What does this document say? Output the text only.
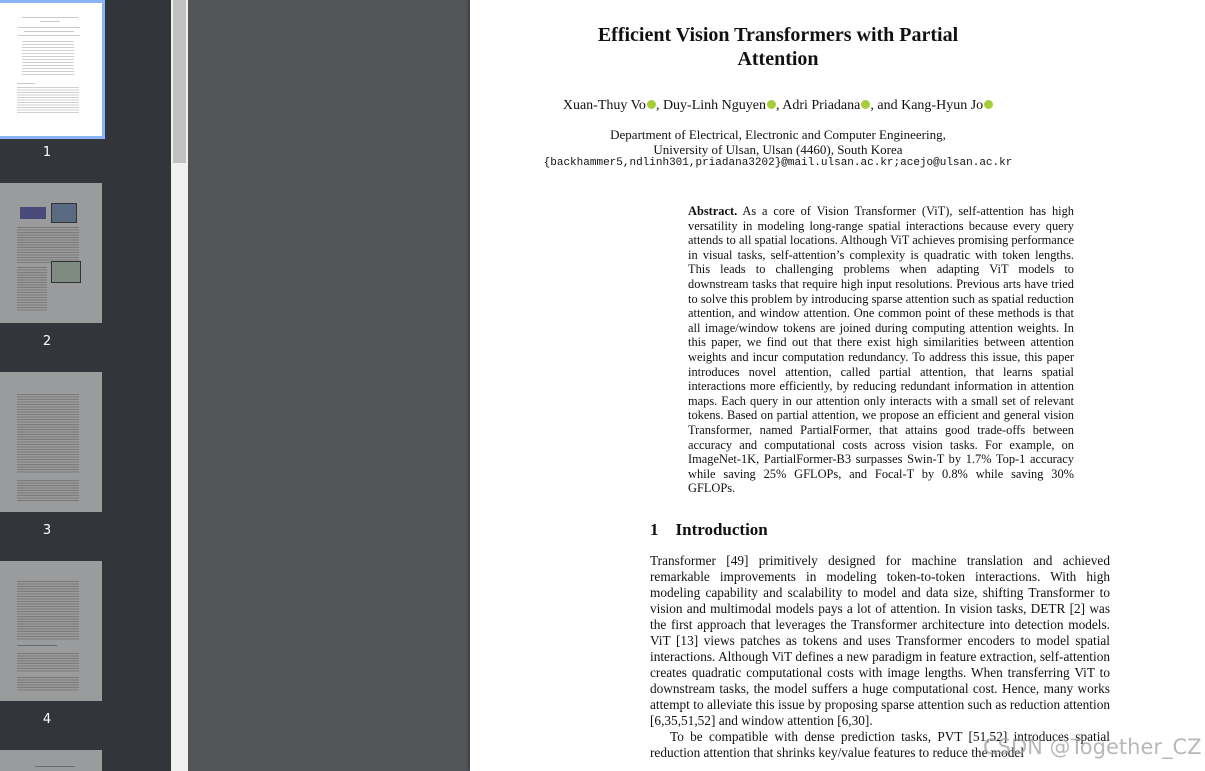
1
2
3
4
Efficient Vision Transformers with Partial
Attention
Xuan-Thuy Vo , Duy-Linh Nguyen , Adri Priadana , and Kang-Hyun Jo
Department of Electrical, Electronic and Computer Engineering,
University of Ulsan, Ulsan (4460), South Korea
{backhammer5,ndlinh301,priadana3202}@mail.ulsan.ac.kr;acejo@ulsan.ac.kr
Abstract. As a core of Vision Transformer (ViT), self-attention has high versatility in modeling long-range spatial interactions because every query attends to all spatial locations. Although ViT achieves promising performance in visual tasks, self-attention’s complexity is quadratic with token lengths. This leads to challenging problems when adapting ViT models to downstream tasks that require high input resolutions. Previous arts have tried to solve this problem by introducing sparse attention such as spatial reduction attention, and window attention. One common point of these methods is that all image/window tokens are joined during computing attention weights. In this paper, we find out that there exist high similarities between attention weights and incur computation redundancy. To address this issue, this paper introduces novel attention, called partial attention, that learns spatial interactions more efficiently, by reducing redundant information in attention maps. Each query in our attention only interacts with a small set of relevant tokens. Based on partial attention, we propose an efficient and general vision Transformer, named PartialFormer, that attains good trade-offs between accuracy and computational costs across vision tasks. For example, on ImageNet-1K, PartialFormer-B3 surpasses Swin-T by 1.7% Top-1 accuracy while saving 25% GFLOPs, and Focal-T by 0.8% while saving 30% GFLOPs.
1 Introduction

Transformer [49] primitively designed for machine translation and achieved remarkable improvements in modeling token-to-token interactions. With high modeling capability and scalability to model and data size, shifting Transformer to vision and multimodal models pays a lot of attention. In vision tasks, DETR [2] was the first approach that leverages the Transformer architecture into detection models. ViT [13] views patches as tokens and uses Transformer encoders to model spatial interactions. Although ViT defines a new paradigm in feature extraction, self-attention creates quadratic computational costs with image lengths. When transferring ViT to downstream tasks, the model suffers a huge computational cost. Hence, many works attempt to alleviate this issue by proposing sparse attention such as reduction attention [6,35,51,52] and window attention [6,30].

To be compatible with dense prediction tasks, PVT [51,52] introduces spatial reduction attention that shrinks key/value features to reduce the model

CSDN @Together_CZ
